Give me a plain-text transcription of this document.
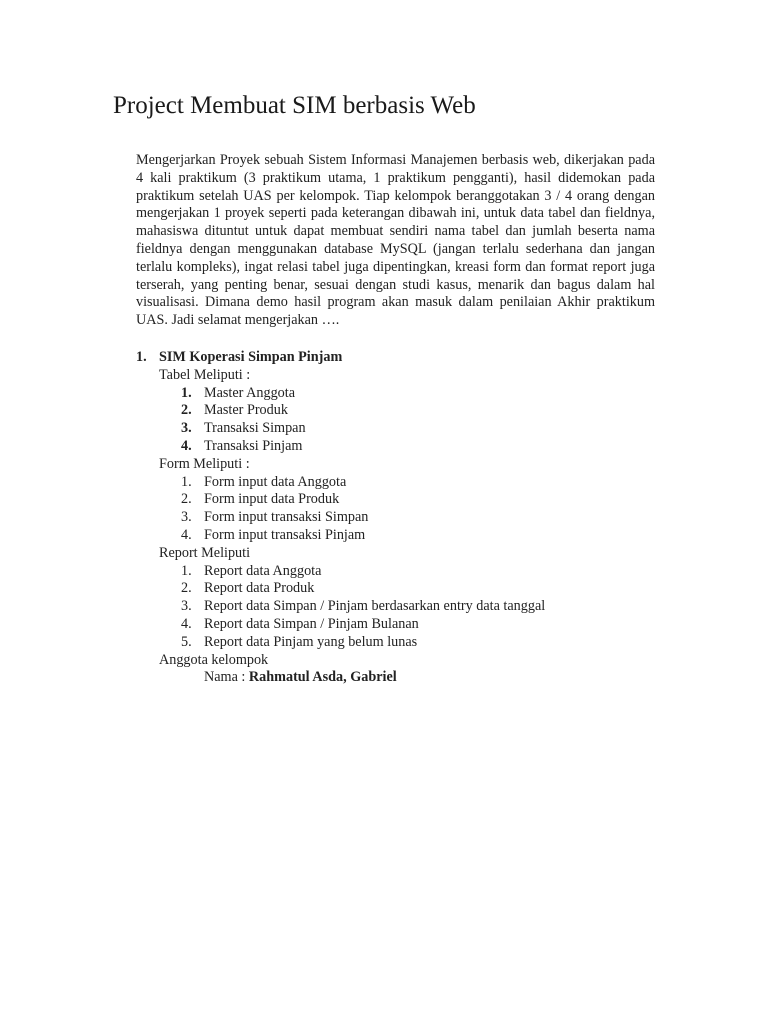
Project Membuat SIM berbasis Web

Mengerjarkan Proyek sebuah Sistem Informasi Manajemen berbasis web, dikerjakan pada 4 kali praktikum (3 praktikum utama, 1 praktikum pengganti), hasil didemokan pada praktikum setelah UAS per kelompok. Tiap kelompok beranggotakan 3 / 4 orang dengan mengerjakan 1 proyek seperti pada keterangan dibawah ini, untuk data tabel dan fieldnya, mahasiswa dituntut untuk dapat membuat sendiri nama tabel dan jumlah beserta nama fieldnya dengan menggunakan database MySQL (jangan terlalu sederhana dan jangan terlalu kompleks), ingat relasi tabel juga dipentingkan, kreasi form dan format report juga terserah, yang penting benar, sesuai dengan studi kasus, menarik dan bagus dalam hal visualisasi. Dimana demo hasil program akan masuk dalam penilaian Akhir praktikum UAS. Jadi selamat mengerjakan ….

1. SIM Koperasi Simpan Pinjam
Tabel Meliputi :
1. Master Anggota
2. Master Produk
3. Transaksi Simpan
4. Transaksi Pinjam
Form Meliputi :
1. Form input data Anggota
2. Form input data Produk
3. Form input transaksi Simpan
4. Form input transaksi Pinjam
Report Meliputi
1. Report data Anggota
2. Report data Produk
3. Report data Simpan / Pinjam berdasarkan entry data tanggal
4. Report data Simpan / Pinjam Bulanan
5. Report data Pinjam yang belum lunas
Anggota kelompok
Nama : Rahmatul Asda, Gabriel
